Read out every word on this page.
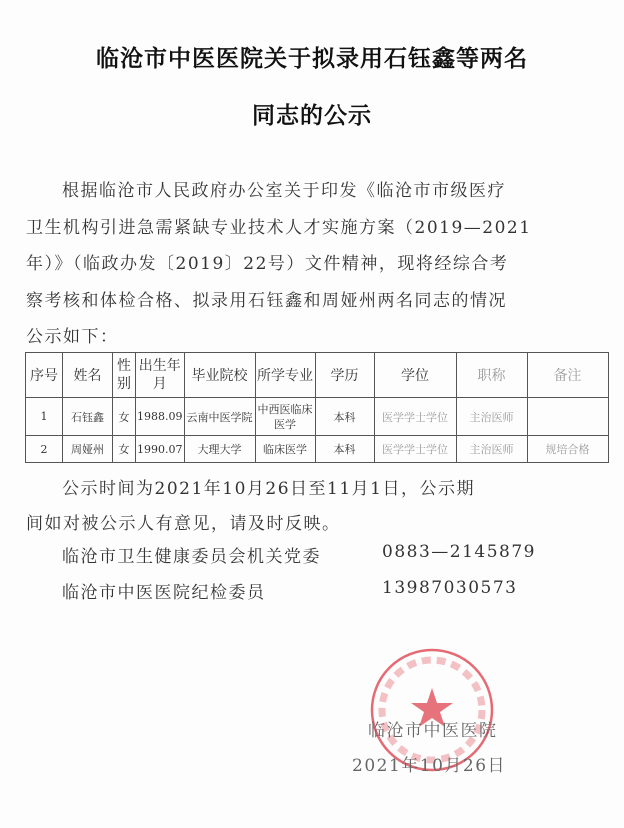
临沧市中医医院关于拟录用石钰鑫等两名
同志的公示
根据临沧市人民政府办公室关于印发《临沧市市级医疗
卫生机构引进急需紧缺专业技术人才实施方案（2019—2021
年）》（临政办发〔2019〕22号）文件精神，现将经综合考
察考核和体检合格、拟录用石钰鑫和周娅州两名同志的情况
公示如下：
序号	姓名	性别	出生年月	毕业院校	所学专业	学历	学位	职称	备注
1	石钰鑫	女	1988.09	云南中医学院	中西医临床医学	本科	医学学士学位	主治医师	
2	周娅州	女	1990.07	大理大学	临床医学	本科	医学学士学位	主治医师	规培合格
公示时间为2021年10月26日至11月1日，公示期
间如对被公示人有意见，请及时反映。
临沧市卫生健康委员会机关党委	0883—2145879
临沧市中医医院纪检委员	13987030573
临沧市中医医院
2021年10月26日
